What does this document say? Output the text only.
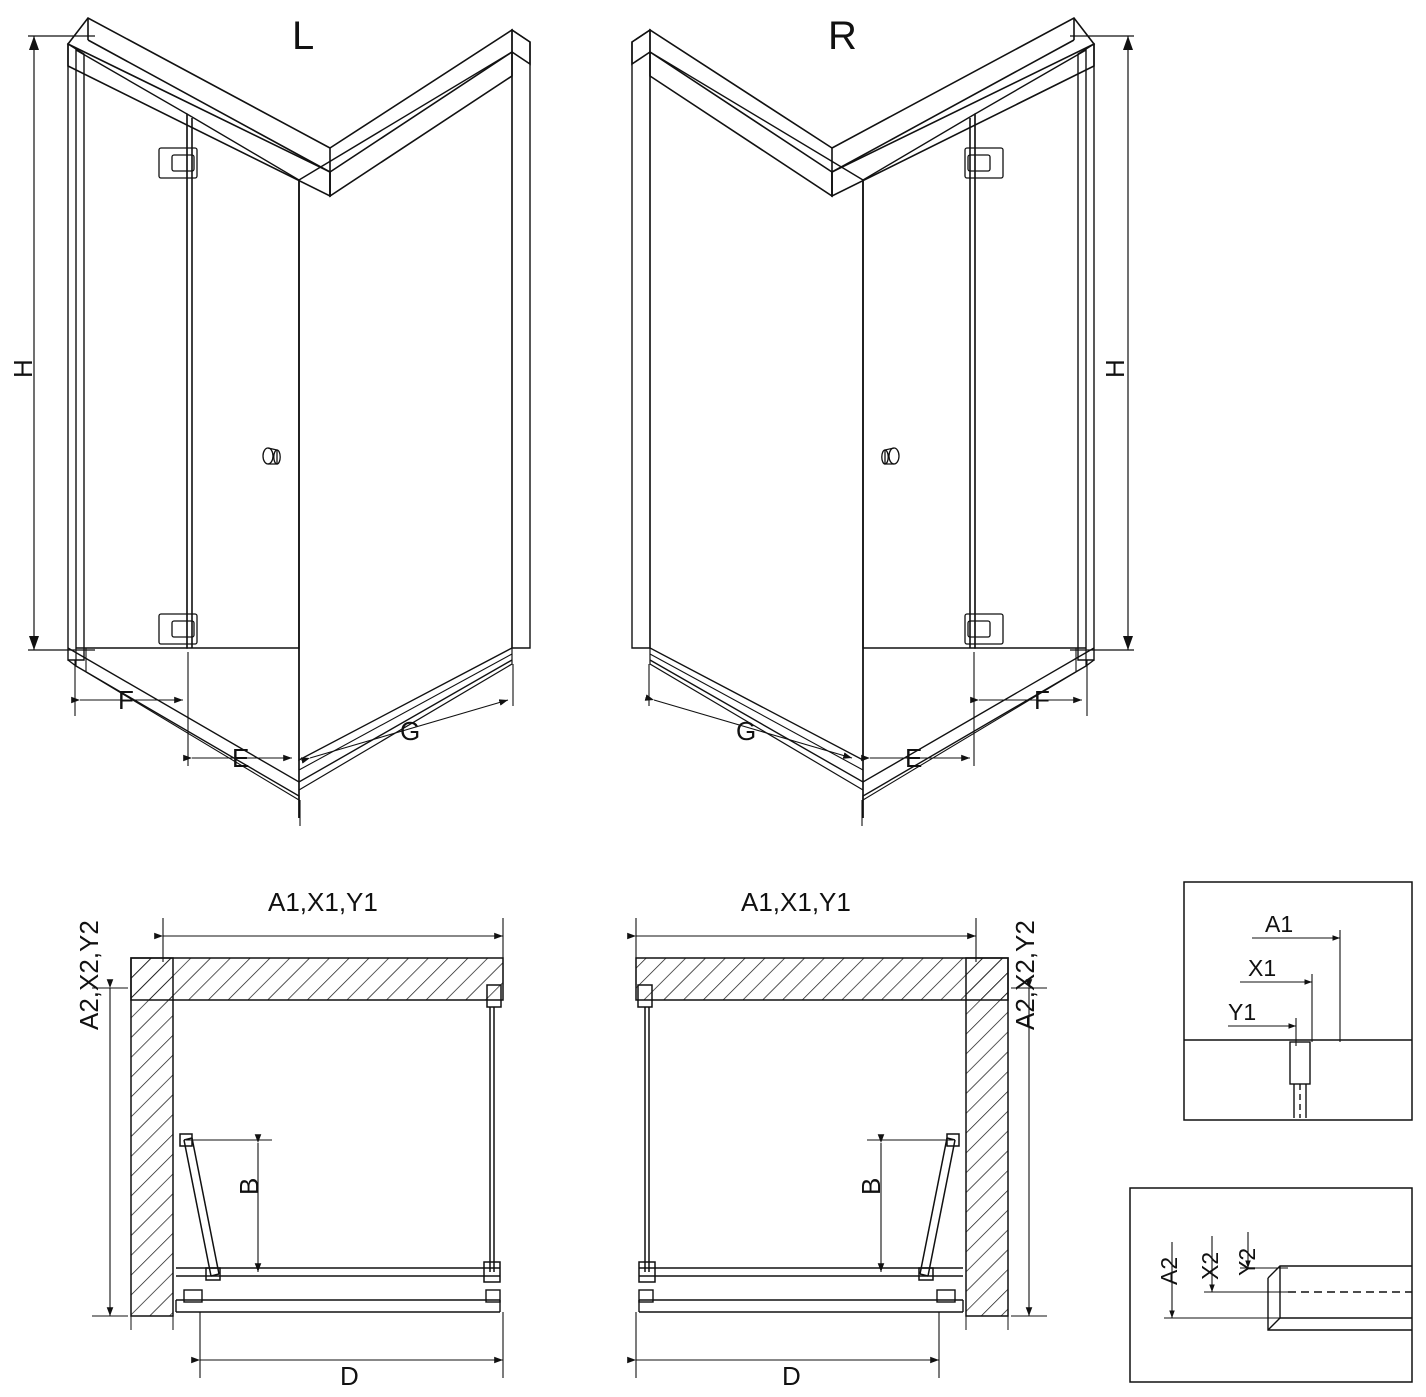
L	R
H	H
F
E
G	G
E
F
A1,X1,Y1
A2,X2,Y2
B
D
A1,X1,Y1
A2,X2,Y2
B
D
A1
X1
Y1
A2 X2 Y2
